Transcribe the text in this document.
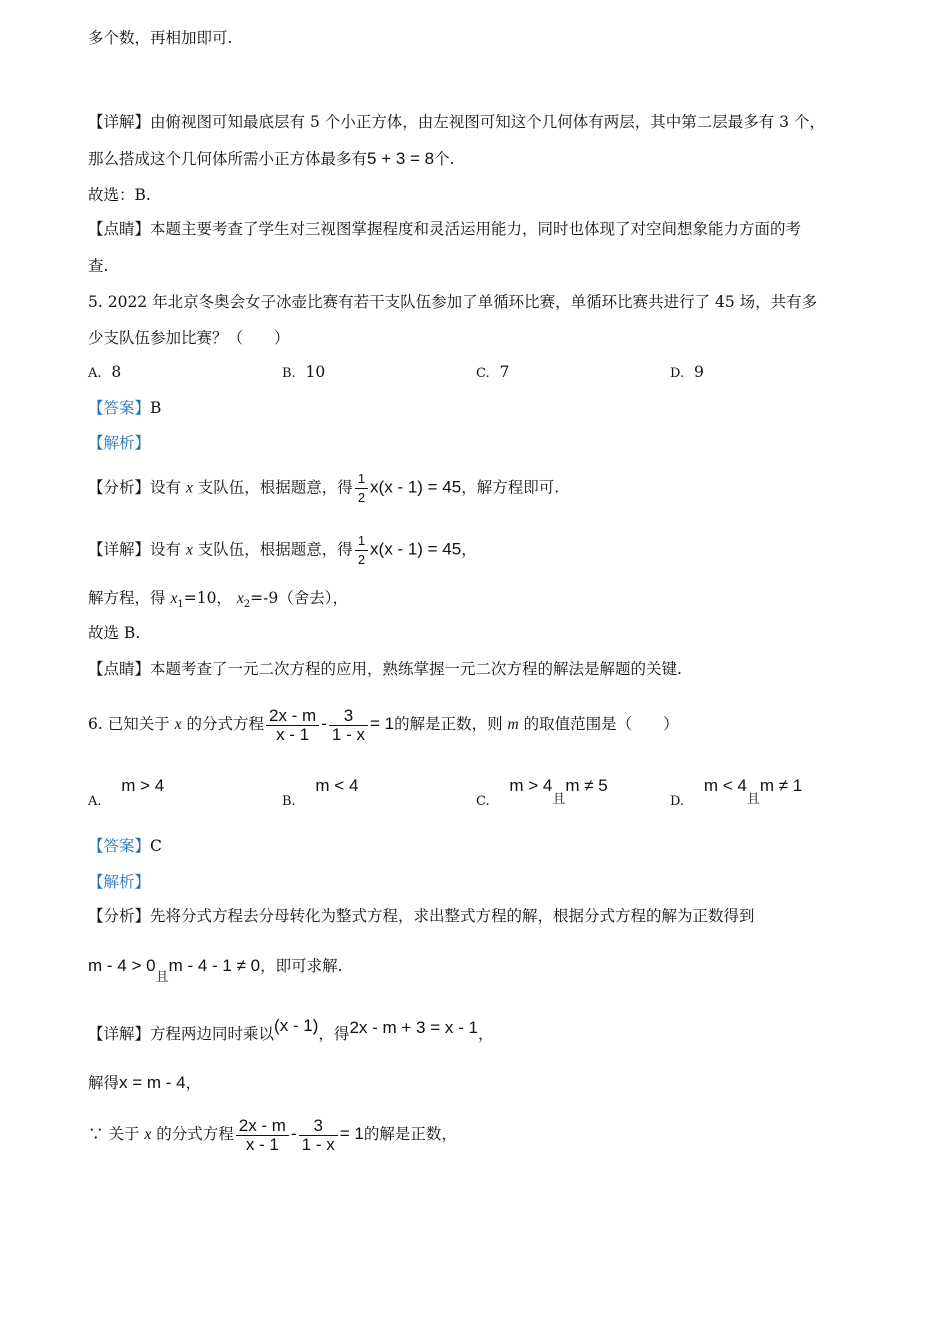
多个数，再相加即可.
【详解】由俯视图可知最底层有 5 个小正方体，由左视图可知这个几何体有两层，其中第二层最多有 3 个，
那么搭成这个几何体所需小正方体最多有5 + 3 = 8个.
故选：B.
【点睛】本题主要考查了学生对三视图掌握程度和灵活运用能力，同时也体现了对空间想象能力方面的考
查.
5. 2022 年北京冬奥会女子冰壶比赛有若干支队伍参加了单循环比赛，单循环比赛共进行了 45 场，共有多
少支队伍参加比赛？（　　）
A. 8	B. 10	C. 7	D. 9
【答案】B
【解析】
【分析】设有 x 支队伍，根据题意，得 $\frac{1}{2} x(x - 1) = 45$，解方程即可.
【详解】设有 x 支队伍，根据题意，得 $\frac{1}{2} x(x - 1) = 45$，
解方程，得 $x_1=10$， $x_2=-9$（舍去），
故选 B.
【点睛】本题考查了一元二次方程的应用，熟练掌握一元二次方程的解法是解题的关键.
6. 已知关于 x 的分式方程 $\frac{2x - m}{x - 1} - \frac{3}{1 - x} = 1$的解是正数，则 m 的取值范围是（　　）
$_{A.}$    m > 4
$_{B.}$    m < 4
$_{C.}$    $m > 4_且m \ne 5$
$_{D.}$    $m < 4_且m \ne 1$
【答案】C
【解析】
【分析】先将分式方程去分母转化为整式方程，求出整式方程的解，根据分式方程的解为正数得到
$m - 4 > 0_且m - 4 - 1 \ne 0$，即可求解.
【详解】方程两边同时乘以(x - 1)，得2x - m + 3 = x - 1，
解得x = m - 4，
∵ 关于 x 的分式方程 $\frac{2x - m}{x - 1} - \frac{3}{1 - x} = 1$的解是正数，
